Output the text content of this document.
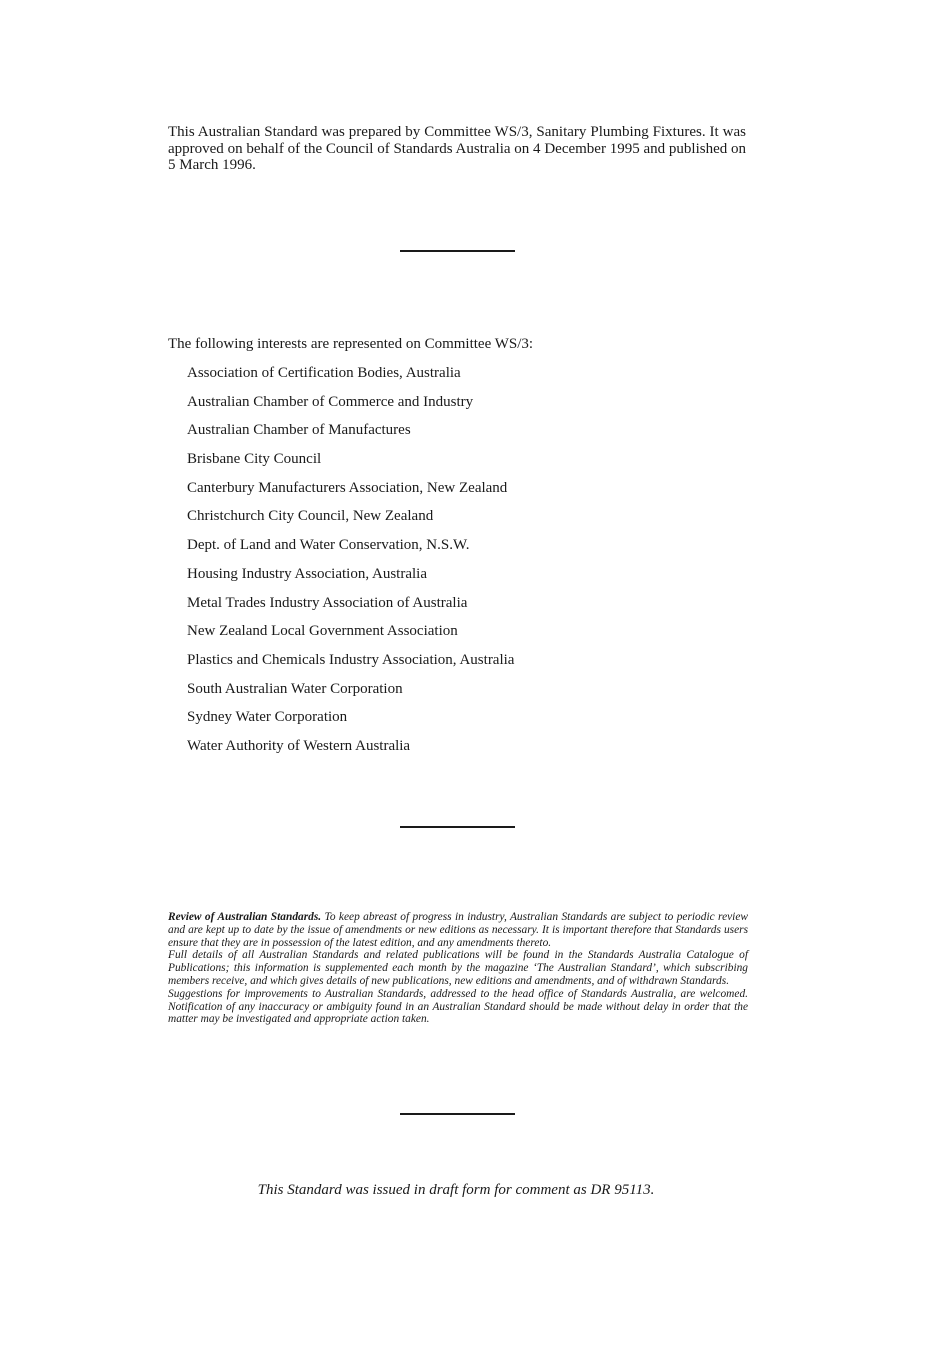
This Australian Standard was prepared by Committee WS/3, Sanitary Plumbing Fixtures. It was approved on behalf of the Council of Standards Australia on 4 December 1995 and published on 5 March 1996.

The following interests are represented on Committee WS/3:

Association of Certification Bodies, Australia
Australian Chamber of Commerce and Industry
Australian Chamber of Manufactures
Brisbane City Council
Canterbury Manufacturers Association, New Zealand
Christchurch City Council, New Zealand
Dept. of Land and Water Conservation, N.S.W.
Housing Industry Association, Australia
Metal Trades Industry Association of Australia
New Zealand Local Government Association
Plastics and Chemicals Industry Association, Australia
South Australian Water Corporation
Sydney Water Corporation
Water Authority of Western Australia

Review of Australian Standards. To keep abreast of progress in industry, Australian Standards are subject to periodic review and are kept up to date by the issue of amendments or new editions as necessary. It is important therefore that Standards users ensure that they are in possession of the latest edition, and any amendments thereto.

Full details of all Australian Standards and related publications will be found in the Standards Australia Catalogue of Publications; this information is supplemented each month by the magazine ‘The Australian Standard’, which subscribing members receive, and which gives details of new publications, new editions and amendments, and of withdrawn Standards.

Suggestions for improvements to Australian Standards, addressed to the head office of Standards Australia, are welcomed. Notification of any inaccuracy or ambiguity found in an Australian Standard should be made without delay in order that the matter may be investigated and appropriate action taken.

This Standard was issued in draft form for comment as DR 95113.
